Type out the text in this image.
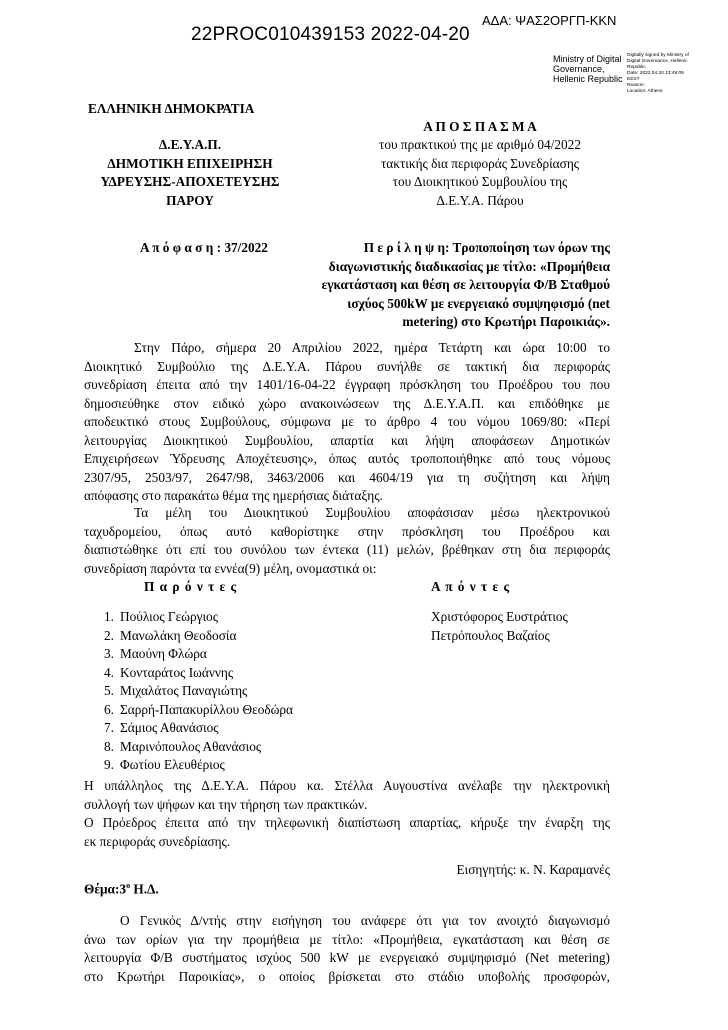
22PROC010439153 2022-04-20
ΑΔΑ: ΨΑΣ2ΟΡΓΠ-ΚΚΝ
Ministry of Digital
Governance,
Hellenic Republic
Digitally signed by Ministry of
Digital Governance, Hellenic
Republic
Date: 2022.04.20 13:49:09
EEST
Reason:
Location: Athens
ΕΛΛΗΝΙΚΗ ΔΗΜΟΚΡΑΤΙΑ
Δ.Ε.Υ.Α.Π.
ΔΗΜΟΤΙΚΗ ΕΠΙΧΕΙΡΗΣΗ
ΥΔΡΕΥΣΗΣ-ΑΠΟΧΕΤΕΥΣΗΣ
ΠΑΡΟΥ
Α Π Ο Σ Π Α Σ Μ Α
του πρακτικού της με αριθμό 04/2022
τακτικής δια περιφοράς Συνεδρίασης
του Διοικητικού Συμβουλίου της
Δ.Ε.Υ.Α. Πάρου
Α π ό φ α σ η : 37/2022	Π ε ρ ί λ η ψ η: Τροποποίηση των όρων της
διαγωνιστικής διαδικασίας με τίτλο: «Προμήθεια
εγκατάσταση και θέση σε λειτουργία Φ/Β Σταθμού
ισχύος 500kW με ενεργειακό συμψηφισμό (net
metering) στο Κρωτήρι Παροικιάς».
Στην Πάρο, σήμερα 20 Απριλίου 2022, ημέρα Τετάρτη και ώρα 10:00 το
Διοικητικό Συμβούλιο της Δ.Ε.Υ.Α. Πάρου συνήλθε σε τακτική δια περιφοράς
συνεδρίαση έπειτα από την 1401/16-04-22 έγγραφη πρόσκληση του Προέδρου του που
δημοσιεύθηκε στον ειδικό χώρο ανακοινώσεων της Δ.Ε.Υ.Α.Π. και επιδόθηκε με
αποδεικτικό στους Συμβούλους, σύμφωνα με το άρθρο 4 του νόμου 1069/80: «Περί
λειτουργίας Διοικητικού Συμβουλίου, απαρτία και λήψη αποφάσεων Δημοτικών
Επιχειρήσεων Ύδρευσης Αποχέτευσης», όπως αυτός τροποποιήθηκε από τους νόμους
2307/95, 2503/97, 2647/98, 3463/2006 και 4604/19 για τη συζήτηση και λήψη
απόφασης στο παρακάτω θέμα της ημερήσιας διάταξης.
Τα μέλη του Διοικητικού Συμβουλίου αποφάσισαν μέσω ηλεκτρονικού
ταχυδρομείου, όπως αυτό καθορίστηκε στην πρόσκληση του Προέδρου και
διαπιστώθηκε ότι επί του συνόλου των έντεκα (11) μελών, βρέθηκαν στη δια περιφοράς
συνεδρίαση παρόντα τα εννέα(9) μέλη, ονομαστικά οι:
Π α ρ ό ν τ ε ς	Α π ό ν τ ε ς
1. Πούλιος Γεώργιος
2. Μανωλάκη Θεοδοσία
3. Μαούνη Φλώρα
4. Κονταράτος Ιωάννης
5. Μιχαλάτος Παναγιώτης
6. Σαρρή-Παπακυρίλλου Θεοδώρα
7. Σάμιος Αθανάσιος
8. Μαρινόπουλος Αθανάσιος
9. Φωτίου Ελευθέριος
Χριστόφορος Ευστράτιος
Πετρόπουλος Βαζαίος
Η υπάλληλος της Δ.Ε.Υ.Α. Πάρου κα. Στέλλα Αυγουστίνα ανέλαβε την ηλεκτρονική
συλλογή των ψήφων και την τήρηση των πρακτικών.
Ο Πρόεδρος έπειτα από την τηλεφωνική διαπίστωση απαρτίας, κήρυξε την έναρξη της
εκ περιφοράς συνεδρίασης.
Εισηγητής: κ. Ν. Καραμανές
$\Theta έ\mu\alpha:3^o$ Η.Δ.
Ο Γενικός Δ/ντής στην εισήγηση του ανάφερε ότι για τον ανοιχτό διαγωνισμό
άνω των ορίων για την προμήθεια με τίτλο: «Προμήθεια, εγκατάσταση και θέση σε
λειτουργία Φ/Β συστήματος ισχύος 500 kW με ενεργειακό συμψηφισμό (Net metering)
στο Κρωτήρι Παροικίας», ο οποίος βρίσκεται στο στάδιο υποβολής προσφορών,
